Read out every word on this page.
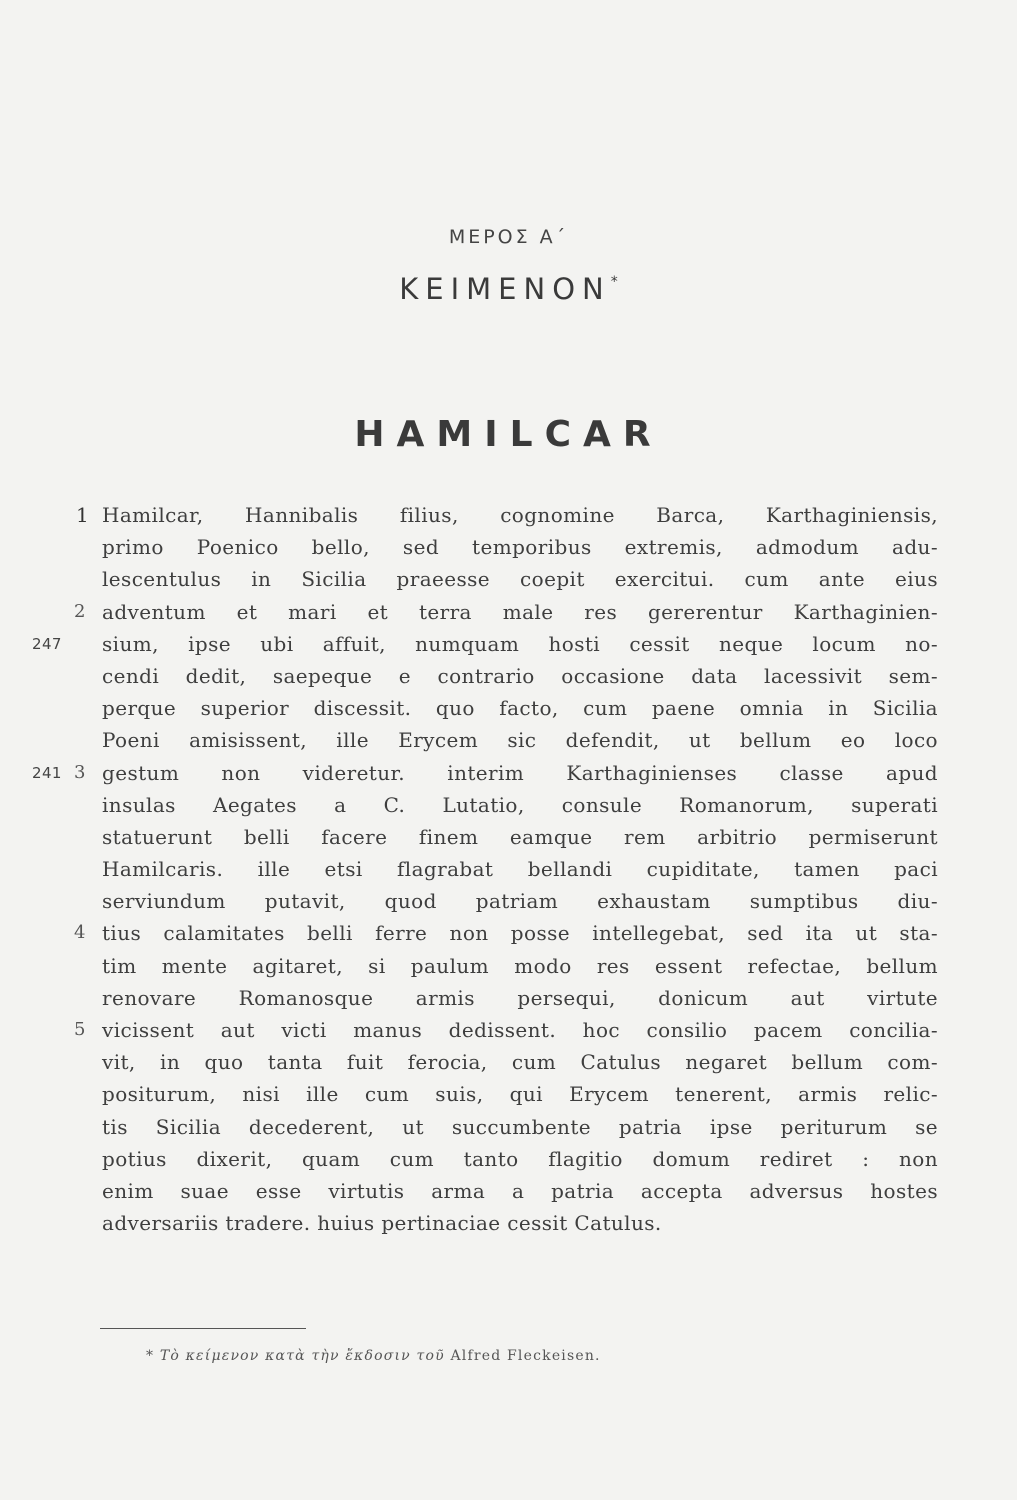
ΜΕΡΟΣ Α΄
ΚΕΙΜΕΝΟΝ*
HAMILCAR
1 Hamilcar, Hannibalis filius, cognomine Barca, Karthaginiensis,
primo Poenico bello, sed temporibus extremis, admodum adu-
lescentulus in Sicilia praeesse coepit exercitui. cum ante eius
2 adventum et mari et terra male res gererentur Karthaginien-
247 sium, ipse ubi affuit, numquam hosti cessit neque locum no-
cendi dedit, saepeque e contrario occasione data lacessivit sem-
perque superior discessit. quo facto, cum paene omnia in Sicilia
Poeni amisissent, ille Erycem sic defendit, ut bellum eo loco
241 3 gestum non videretur. interim Karthaginienses classe apud
insulas Aegates a C. Lutatio, consule Romanorum, superati
statuerunt belli facere finem eamque rem arbitrio permiserunt
Hamilcaris. ille etsi flagrabat bellandi cupiditate, tamen paci
serviundum putavit, quod patriam exhaustam sumptibus diu-
4 tius calamitates belli ferre non posse intellegebat, sed ita ut sta-
tim mente agitaret, si paulum modo res essent refectae, bellum
renovare Romanosque armis persequi, donicum aut virtute
5 vicissent aut victi manus dedissent. hoc consilio pacem concilia-
vit, in quo tanta fuit ferocia, cum Catulus negaret bellum com-
positurum, nisi ille cum suis, qui Erycem tenerent, armis relic-
tis Sicilia decederent, ut succumbente patria ipse periturum se
potius dixerit, quam cum tanto flagitio domum rediret : non
enim suae esse virtutis arma a patria accepta adversus hostes
adversariis tradere. huius pertinaciae cessit Catulus.
* Τὸ κείμενον κατὰ τὴν ἔκδοσιν τοῦ Alfred Fleckeisen.
